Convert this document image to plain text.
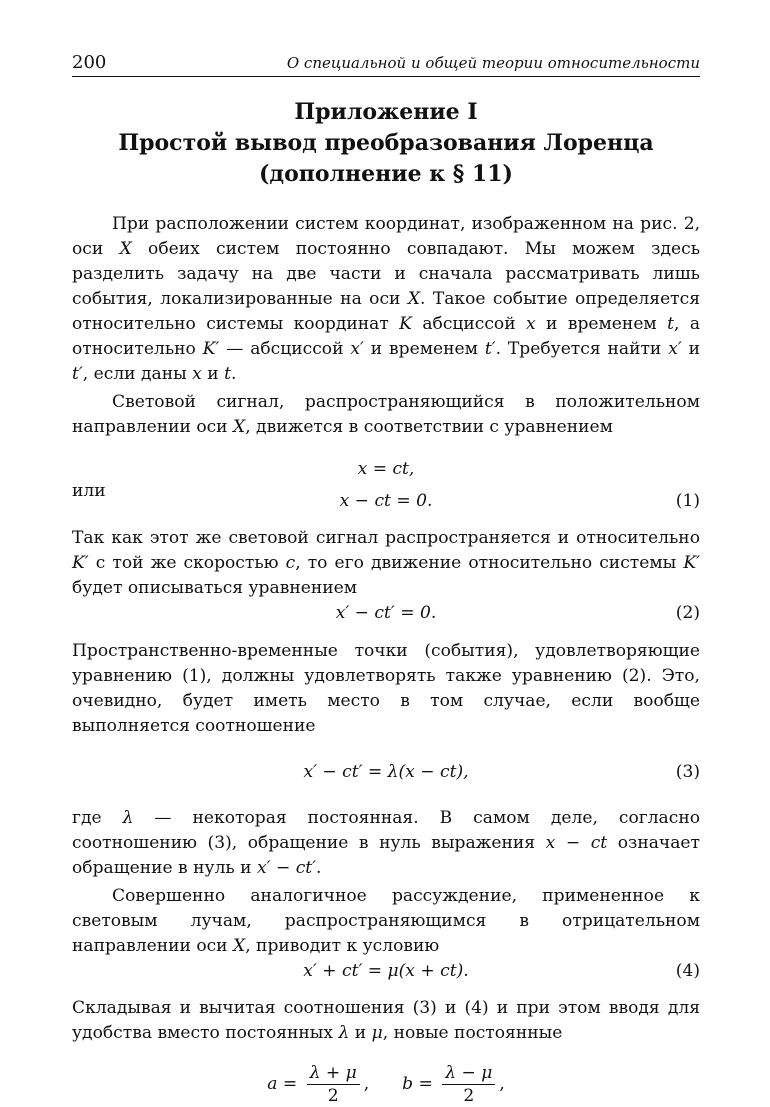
200	О специальной и общей теории относительности
Приложение I
Простой вывод преобразования Лоренца
(дополнение к § 11)

При расположении систем координат, изображенном на рис. 2, оси X обеих систем постоянно совпадают. Мы можем здесь разделить задачу на две части и сначала рассматривать лишь события, локализированные на оси X. Такое событие определяется относительно системы координат K абсциссой x и временем t, а относительно K′ — абсциссой x′ и временем t′. Требуется найти x′ и t′, если даны x и t.

Световой сигнал, распространяющийся в положительном направлении оси X, движется в соответствии с уравнением

x = ct,
или	x − ct = 0.	(1)

Так как этот же световой сигнал распространяется и относительно K′ с той же скоростью c, то его движение относительно системы K′ будет описываться уравнением

x′ − ct′ = 0.	(2)

Пространственно-временные точки (события), удовлетворяющие уравнению (1), должны удовлетворять также уравнению (2). Это, очевидно, будет иметь место в том случае, если вообще выполняется соотношение

x′ − ct′ = λ(x − ct),	(3)

где λ — некоторая постоянная. В самом деле, согласно соотношению (3), обращение в нуль выражения x − ct означает обращение в нуль и x′ − ct′.

Совершенно аналогичное рассуждение, примененное к световым лучам, распространяющимся в отрицательном направлении оси X, приводит к условию

x′ + ct′ = μ(x + ct).	(4)

Складывая и вычитая соотношения (3) и (4) и при этом вводя для удобства вместо постоянных λ и μ, новые постоянные

$a = \frac{\lambda + \mu}{2}$ , $b = \frac{\lambda - \mu}{2}$ ,
